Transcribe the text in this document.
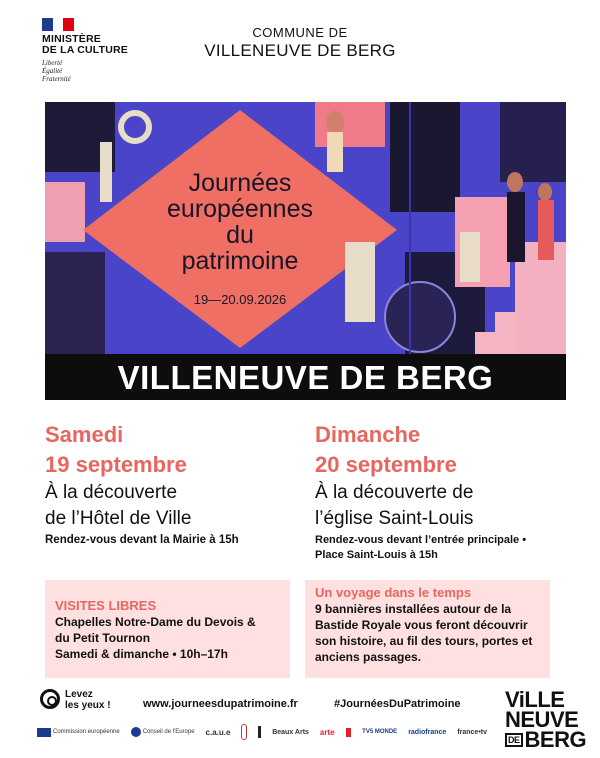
MINISTÈRE
DE LA CULTURE
Liberté
Égalité
Fraternité
COMMUNE DE
VILLENEUVE DE BERG
Journées
européennes
du
patrimoine
19—20.09.2026
VILLENEUVE DE BERG
Samedi
19 septembre
À la découverte
de l’Hôtel de Ville
Rendez-vous devant la Mairie à 15h
Dimanche
20 septembre
À la découverte de
l’église Saint-Louis
Rendez-vous devant l’entrée principale •
Place Saint-Louis à 15h
VISITES LIBRES
Chapelles Notre-Dame du Devois &
du Petit Tournon
Samedi & dimanche • 10h–17h
Un voyage dans le temps
9 bannières installées autour de la
Bastide Royale vous feront découvrir
son histoire, au fil des tours, portes et
anciens passages.
Levez
les yeux !	www.journeesdupatrimoine.fr	#JournéesDuPatrimoine ViLLE
NEUVE
DE BERG
Commission européenne	Conseil de l'Europe c.a.u.e	Beaux Arts arte	TV5 MONDE radiofrance france•tv
